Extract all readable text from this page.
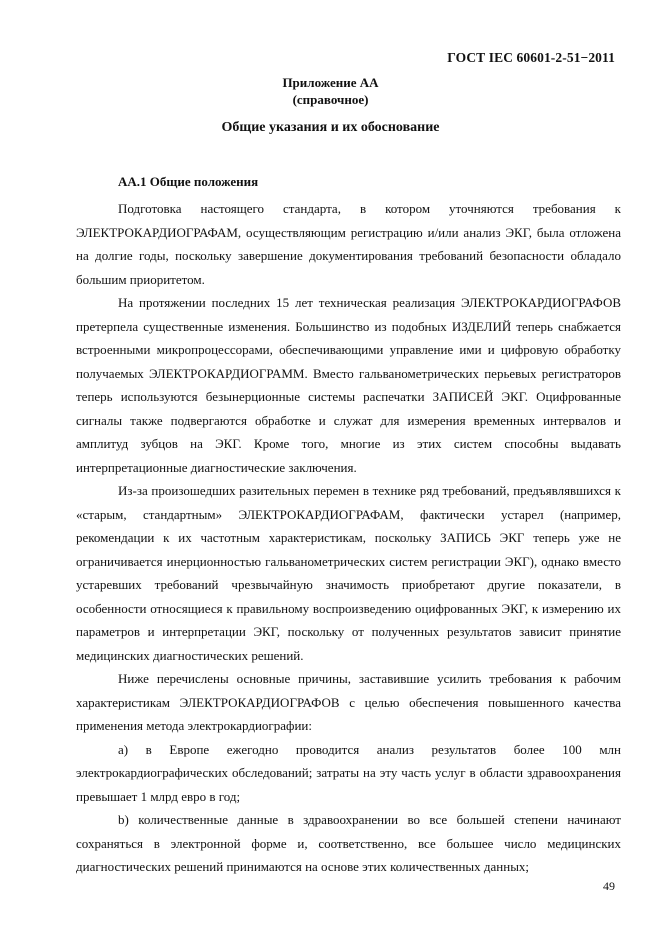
ГОСТ IEC 60601-2-51−2011
Приложение АА
(справочное)
Общие указания и их обоснование
АА.1 Общие положения

Подготовка настоящего стандарта, в котором уточняются требования к ЭЛЕКТРОКАРДИОГРАФАМ, осуществляющим регистрацию и/или анализ ЭКГ, была отложена на долгие годы, поскольку завершение документирования требований безопасности обладало большим приоритетом.

На протяжении последних 15 лет техническая реализация ЭЛЕКТРОКАРДИОГРАФОВ претерпела существенные изменения. Большинство из подобных ИЗДЕЛИЙ теперь снабжается встроенными микропроцессорами, обеспечивающими управление ими и цифровую обработку получаемых ЭЛЕКТРОКАРДИОГРАММ. Вместо гальванометрических перьевых регистраторов теперь используются безынерционные системы распечатки ЗАПИСЕЙ ЭКГ. Оцифрованные сигналы также подвергаются обработке и служат для измерения временных интервалов и амплитуд зубцов на ЭКГ. Кроме того, многие из этих систем способны выдавать интерпретационные диагностические заключения.

Из-за произошедших разительных перемен в технике ряд требований, предъявлявшихся к «старым, стандартным» ЭЛЕКТРОКАРДИОГРАФАМ, фактически устарел (например, рекомендации к их частотным характеристикам, поскольку ЗАПИСЬ ЭКГ теперь уже не ограничивается инерционностью гальванометрических систем регистрации ЭКГ), однако вместо устаревших требований чрезвычайную значимость приобретают другие показатели, в особенности относящиеся к правильному воспроизведению оцифрованных ЭКГ, к измерению их параметров и интерпретации ЭКГ, поскольку от полученных результатов зависит принятие медицинских диагностических решений.

Ниже перечислены основные причины, заставившие усилить требования к рабочим характеристикам ЭЛЕКТРОКАРДИОГРАФОВ с целью обеспечения повышенного качества применения метода электрокардиографии:

a) в Европе ежегодно проводится анализ результатов более 100 млн электрокардиографических обследований; затраты на эту часть услуг в области здравоохранения превышает 1 млрд евро в год;

b) количественные данные в здравоохранении во все большей степени начинают сохраняться в электронной форме и, соответственно, все большее число медицинских диагностических решений принимаются на основе этих количественных данных;

49
